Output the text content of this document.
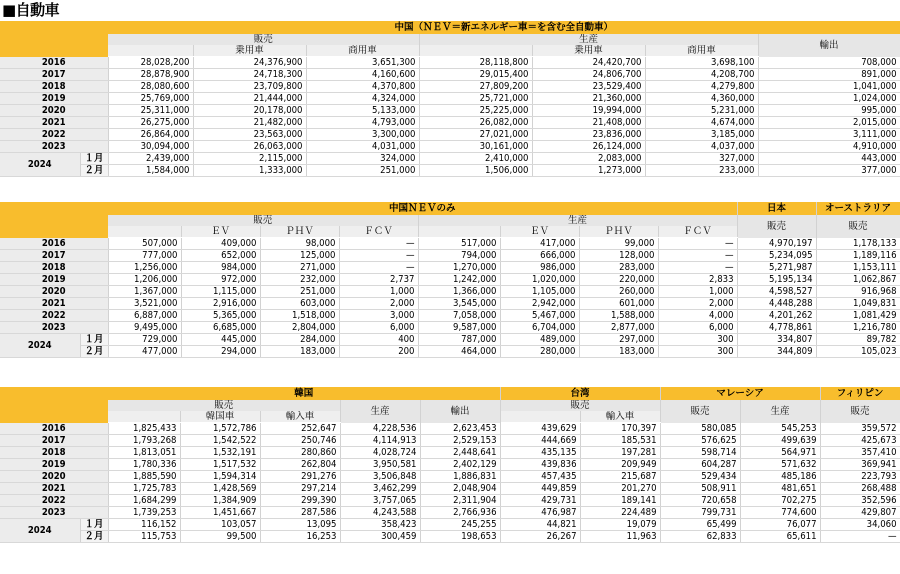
■自動車
		中国（ＮＥＶ＝新エネルギー車＝を含む全自動車）						
		販売			生産			輸出
			乗用車	商用車		乗用車	商用車	
2016		28,028,200	24,376,900	3,651,300	28,118,800	24,420,700	3,698,100	708,000
2017		28,878,900	24,718,300	4,160,600	29,015,400	24,806,700	4,208,700	891,000
2018		28,080,600	23,709,800	4,370,800	27,809,200	23,529,400	4,279,800	1,041,000
2019		25,769,000	21,444,000	4,324,000	25,721,000	21,360,000	4,360,000	1,024,000
2020		25,311,000	20,178,000	5,133,000	25,225,000	19,994,000	5,231,000	995,000
2021		26,275,000	21,482,000	4,793,000	26,082,000	21,408,000	4,674,000	2,015,000
2022		26,864,000	23,563,000	3,300,000	27,021,000	23,836,000	3,185,000	3,111,000
2023		30,094,000	26,063,000	4,031,000	30,161,000	26,124,000	4,037,000	4,910,000
2024	１月	2,439,000	2,115,000	324,000	2,410,000	2,083,000	327,000	443,000
	２月	1,584,000	1,333,000	251,000	1,506,000	1,273,000	233,000	377,000
		中国ＮＥＶのみ								日本	オーストラリア
		販売				生産				販売	販売
			ＥＶ	ＰＨＶ	ＦＣＶ		ＥＶ	ＰＨＶ	ＦＣＶ		
2016		507,000	409,000	98,000	—	517,000	417,000	99,000	—	4,970,197	1,178,133
2017		777,000	652,000	125,000	—	794,000	666,000	128,000	—	5,234,095	1,189,116
2018		1,256,000	984,000	271,000	—	1,270,000	986,000	283,000	—	5,271,987	1,153,111
2019		1,206,000	972,000	232,000	2,737	1,242,000	1,020,000	220,000	2,833	5,195,134	1,062,867
2020		1,367,000	1,115,000	251,000	1,000	1,366,000	1,105,000	260,000	1,000	4,598,527	916,968
2021		3,521,000	2,916,000	603,000	2,000	3,545,000	2,942,000	601,000	2,000	4,448,288	1,049,831
2022		6,887,000	5,365,000	1,518,000	3,000	7,058,000	5,467,000	1,588,000	4,000	4,201,262	1,081,429
2023		9,495,000	6,685,000	2,804,000	6,000	9,587,000	6,704,000	2,877,000	6,000	4,778,861	1,216,780
2024	１月	729,000	445,000	284,000	400	787,000	489,000	297,000	300	334,807	89,782
	２月	477,000	294,000	183,000	200	464,000	280,000	183,000	300	344,809	105,023
		韓国					台湾		マレーシア		フィリピン
		販売			生産	輸出	販売		販売	生産	販売
			韓国車	輸入車				輸入車			
2016		1,825,433	1,572,786	252,647	4,228,536	2,623,453	439,629	170,397	580,085	545,253	359,572
2017		1,793,268	1,542,522	250,746	4,114,913	2,529,153	444,669	185,531	576,625	499,639	425,673
2018		1,813,051	1,532,191	280,860	4,028,724	2,448,641	435,135	197,281	598,714	564,971	357,410
2019		1,780,336	1,517,532	262,804	3,950,581	2,402,129	439,836	209,949	604,287	571,632	369,941
2020		1,885,590	1,594,314	291,276	3,506,848	1,886,831	457,435	215,687	529,434	485,186	223,793
2021		1,725,783	1,428,569	297,214	3,462,299	2,048,904	449,859	201,270	508,911	481,651	268,488
2022		1,684,299	1,384,909	299,390	3,757,065	2,311,904	429,731	189,141	720,658	702,275	352,596
2023		1,739,253	1,451,667	287,586	4,243,588	2,766,936	476,987	224,489	799,731	774,600	429,807
2024	１月	116,152	103,057	13,095	358,423	245,255	44,821	19,079	65,499	76,077	34,060
	２月	115,753	99,500	16,253	300,459	198,653	26,267	11,963	62,833	65,611	—
